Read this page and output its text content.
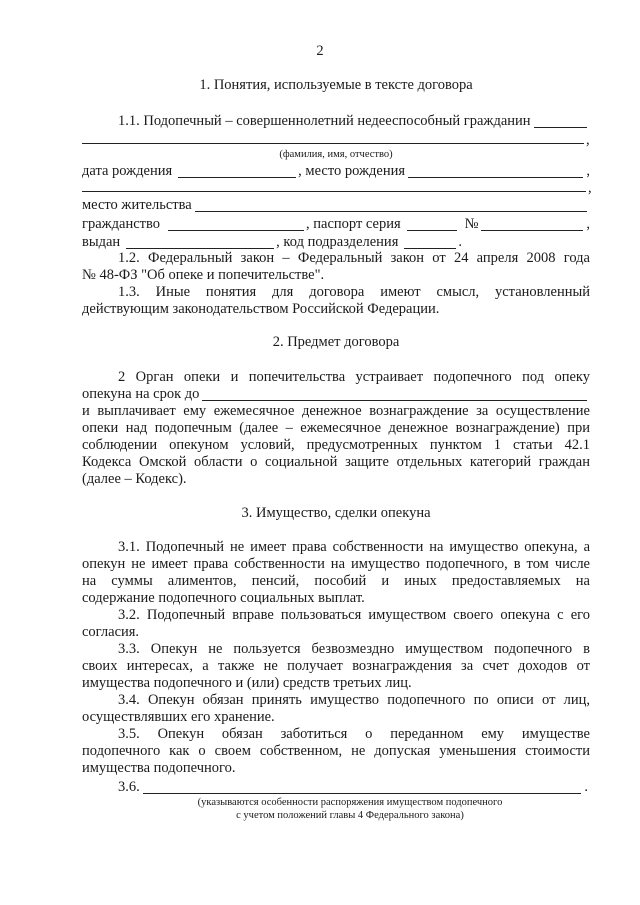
2
1. Понятия, используемые в тексте договора
1.1. Подопечный – совершеннолетний недееспособный гражданин
,
(фамилия, имя, отчество)
дата рождения	, место рождения	,
,
место жительства
гражданство	, паспорт серия	№	,
выдан	, код подразделения	.
1.2. Федеральный закон – Федеральный закон от 24 апреля 2008 года
№ 48-ФЗ "Об опеке и попечительстве".
1.3. Иные понятия для договора имеют смысл, установленный
действующим законодательством Российской Федерации.
2. Предмет договора
2 Орган опеки и попечительства устраивает подопечного под опеку
опекуна на срок до
и выплачивает ему ежемесячное денежное вознаграждение за осуществление
опеки над подопечным (далее – ежемесячное денежное вознаграждение) при
соблюдении опекуном условий, предусмотренных пунктом 1 статьи 42.1
Кодекса Омской области о социальной защите отдельных категорий граждан
(далее – Кодекс).
3. Имущество, сделки опекуна
3.1. Подопечный не имеет права собственности на имущество опекуна, а
опекун не имеет права собственности на имущество подопечного, в том числе
на суммы алиментов, пенсий, пособий и иных предоставляемых на
содержание подопечного социальных выплат.
3.2. Подопечный вправе пользоваться имуществом своего опекуна с его
согласия.
3.3. Опекун не пользуется безвозмездно имуществом подопечного в
своих интересах, а также не получает вознаграждения за счет доходов от
имущества подопечного и (или) средств третьих лиц.
3.4. Опекун обязан принять имущество подопечного по описи от лиц,
осуществлявших его хранение.
3.5. Опекун обязан заботиться о переданном ему имуществе
подопечного как о своем собственном, не допуская уменьшения стоимости
имущества подопечного.
3.6.	.
(указываются особенности распоряжения имуществом подопечного
с учетом положений главы 4 Федерального закона)
